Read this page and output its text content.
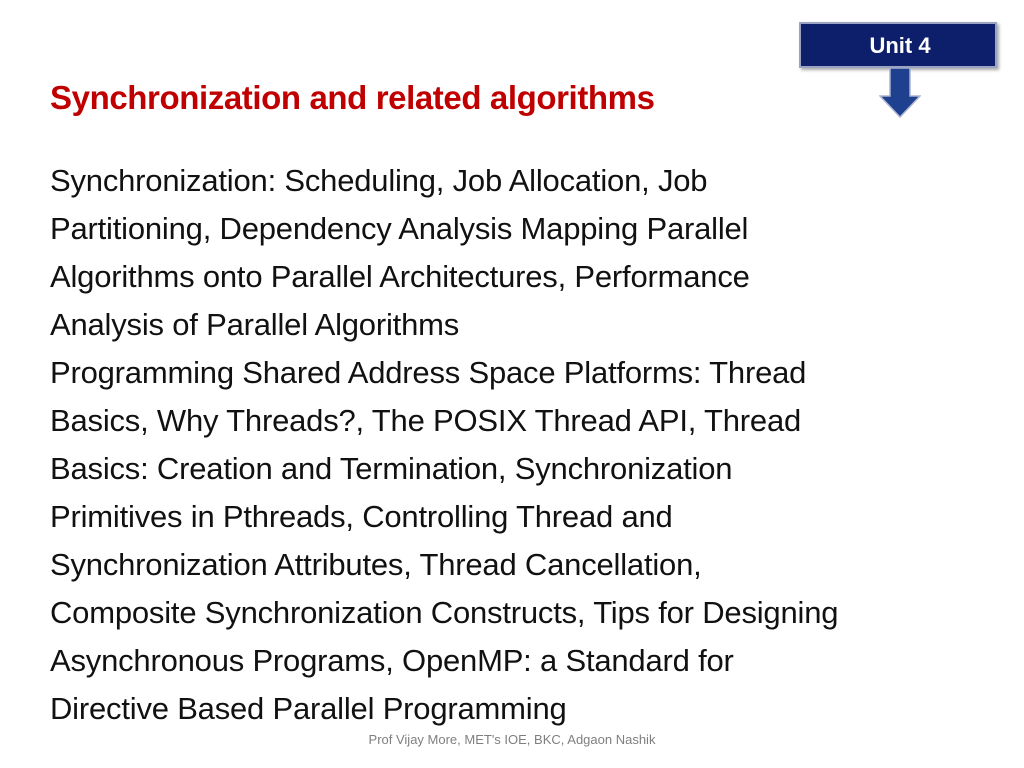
Unit 4
Synchronization and related algorithms
Synchronization: Scheduling, Job Allocation, Job
Partitioning, Dependency Analysis Mapping Parallel
Algorithms onto Parallel Architectures, Performance
Analysis of Parallel Algorithms
Programming Shared Address Space Platforms: Thread
Basics, Why Threads?, The POSIX Thread API, Thread
Basics: Creation and Termination, Synchronization
Primitives in Pthreads, Controlling Thread and
Synchronization Attributes, Thread Cancellation,
Composite Synchronization Constructs, Tips for Designing
Asynchronous Programs, OpenMP: a Standard for
Directive Based Parallel Programming
Prof Vijay More, MET's IOE, BKC, Adgaon Nashik
